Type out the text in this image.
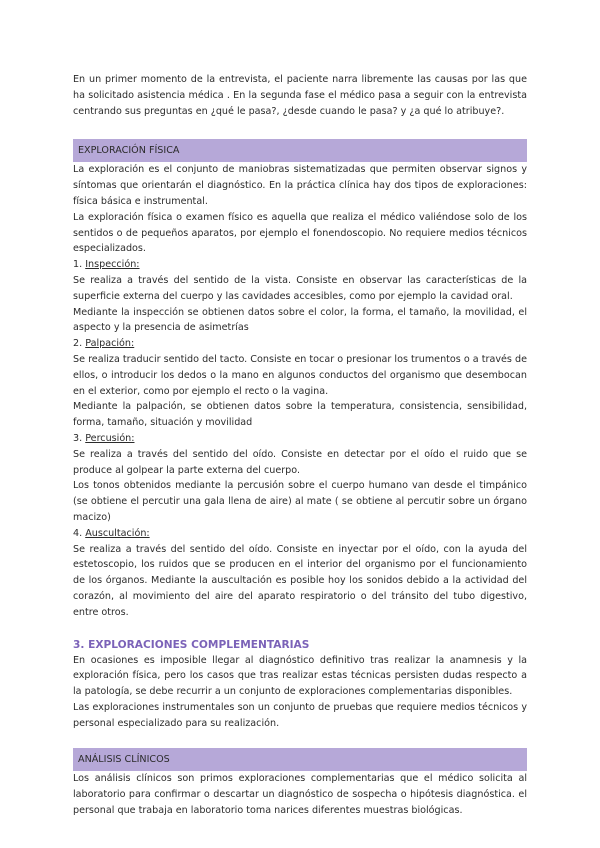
En un primer momento de la entrevista, el paciente narra libremente las causas por las que ha solicitado asistencia médica . En la segunda fase el médico pasa a seguir con la entrevista centrando sus preguntas en ¿qué le pasa?, ¿desde cuando le pasa? y ¿a qué lo atribuye?.

EXPLORACIÓN FÍSICA

La exploración es el conjunto de maniobras sistematizadas que permiten observar signos y síntomas que orientarán el diagnóstico. En la práctica clínica hay dos tipos de exploraciones: física básica e instrumental.

La exploración física o examen físico es aquella que realiza el médico valiéndose solo de los sentidos o de pequeños aparatos, por ejemplo el fonendoscopio. No requiere medios técnicos especializados.

1. Inspección:

Se realiza a través del sentido de la vista. Consiste en observar las características de la superficie externa del cuerpo y las cavidades accesibles, como por ejemplo la cavidad oral.

Mediante la inspección se obtienen datos sobre el color, la forma, el tamaño, la movilidad, el aspecto y la presencia de asimetrías

2. Palpación:

Se realiza traducir sentido del tacto. Consiste en tocar o presionar los trumentos o a través de ellos, o introducir los dedos o la mano en algunos conductos del organismo que desembocan en el exterior, como por ejemplo el recto o la vagina.

Mediante la palpación, se obtienen datos sobre la temperatura, consistencia, sensibilidad, forma, tamaño, situación y movilidad

3. Percusión:

Se realiza a través del sentido del oído. Consiste en detectar por el oído el ruido que se produce al golpear la parte externa del cuerpo.

Los tonos obtenidos mediante la percusión sobre el cuerpo humano van desde el timpánico (se obtiene el percutir una gala llena de aire) al mate ( se obtiene al percutir sobre un órgano macizo)

4. Auscultación:

Se realiza a través del sentido del oído. Consiste en inyectar por el oído, con la ayuda del estetoscopio, los ruidos que se producen en el interior del organismo por el funcionamiento de los órganos. Mediante la auscultación es posible hoy los sonidos debido a la actividad del corazón, al movimiento del aire del aparato respiratorio o del tránsito del tubo digestivo, entre otros.

3. EXPLORACIONES COMPLEMENTARIAS

En ocasiones es imposible llegar al diagnóstico definitivo tras realizar la anamnesis y la exploración física, pero los casos que tras realizar estas técnicas persisten dudas respecto a la patología, se debe recurrir a un conjunto de exploraciones complementarias disponibles.

Las exploraciones instrumentales son un conjunto de pruebas que requiere medios técnicos y personal especializado para su realización.

ANÁLISIS CLÍNICOS

Los análisis clínicos son primos exploraciones complementarias que el médico solicita al laboratorio para confirmar o descartar un diagnóstico de sospecha o hipótesis diagnóstica. el personal que trabaja en laboratorio toma narices diferentes muestras biológicas.
